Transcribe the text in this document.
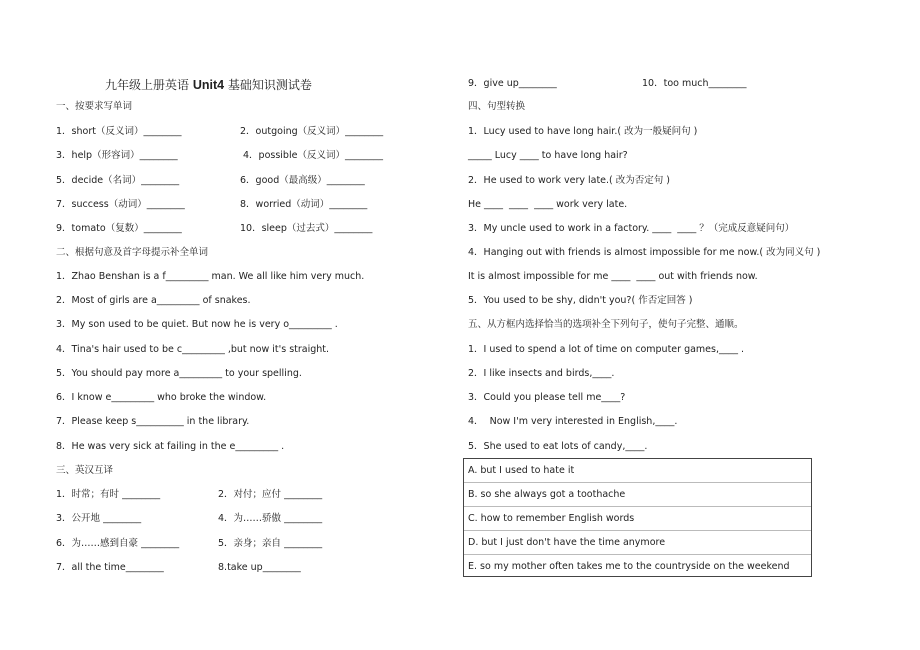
九年级上册英语 Unit4 基础知识测试卷
一、按要求写单词
1．short（反义词）________	2．outgoing（反义词）________
3．help（形容词）________	4．possible（反义词）________
5．decide（名词）________	6．good（最高级）________
7．success（动词）________	8．worried（动词）________
9．tomato（复数）________	10．sleep（过去式）________
二、根据句意及首字母提示补全单词
1．Zhao Benshan is a f_________ man. We all like him very much.
2．Most of girls are a_________ of snakes.
3．My son used to be quiet. But now he is very o_________ .
4．Tina's hair used to be c_________ ,but now it's straight.
5．You should pay more a_________ to your spelling.
6．I know e_________ who broke the window.
7．Please keep s__________ in the library.
8．He was very sick at failing in the e_________ .
三、英汉互译
1．时常；有时 ________	2．对付；应付 ________
3．公开地 ________	4．为……骄傲 ________
6．为……感到自豪 ________	5．亲身；亲自 ________
7．all the time________	8.take up________
9．give up________	10．too much________
四、句型转换
1．Lucy used to have long hair.( 改为一般疑问句 )
_____ Lucy ____ to have long hair?
2．He used to work very late.( 改为否定句 )
He ____  ____  ____ work very late.
3．My uncle used to work in a factory. ____  ____ ？（完成反意疑问句）
4．Hanging out with friends is almost impossible for me now.( 改为同义句 )
It is almost impossible for me ____  ____ out with friends now.
5．You used to be shy, didn't you?( 作否定回答 )
五、从方框内选择恰当的选项补全下列句子，使句子完整、通顺。
1．I used to spend a lot of time on computer games,____ .
2．I like insects and birds,____.
3．Could you please tell me____?
4．  Now I'm very interested in English,____.
5．She used to eat lots of candy,____.
A. but I used to hate it
B. so she always got a toothache
C. how to remember English words
D. but I just don't have the time anymore
E. so my mother often takes me to the countryside on the weekend
